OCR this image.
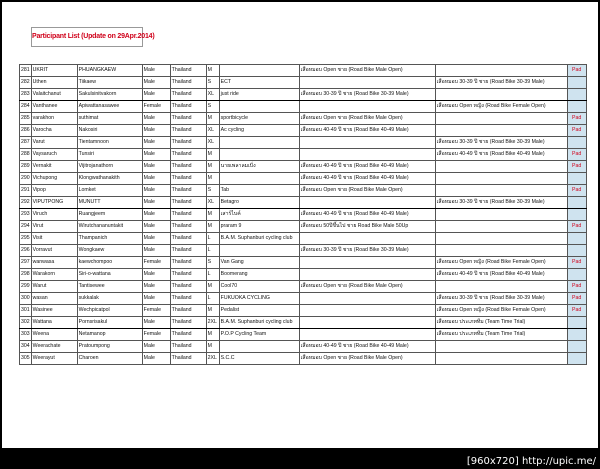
Participant List (Update on 29Apr.2014)
281	UKRIT	PHUANGKAEW	Male	Thailand	M		เสือหมอบ Open ชาย (Road Bike Male Open)		Pad
282	Uthen	Tiikaew	Male	Thailand	S	ECT		เสือหมอบ 30-39 ปี ชาย (Road Bike 30-39 Male)	
283	Valaitchanut	Sakulsinitvakorn	Male	Thailand	XL	just ride	เสือหมอบ 30-39 ปี ชาย (Road Bike 30-39 Male)		
284	Vanthanee	Apiwattanasawee	Female	Thailand	S			เสือหมอบ Open หญิง (Road Bike Female Open)	
285	varakhon	suthimat	Male	Thailand	M	sportbicycle	เสือหมอบ Open ชาย (Road Bike Male Open)		Pad
286	Varocha	Nakosiri	Male	Thailand	XL	Ac cycling	เสือหมอบ 40-49 ปี ชาย (Road Bike 40-49 Male)		Pad
287	Varut	Tientamnoon	Male	Thailand	XL			เสือหมอบ 30-39 ปี ชาย (Road Bike 30-39 Male)	
288	Vaysaruch	Tunsiri	Male	Thailand	M			เสือหมอบ 40-49 ปี ชาย (Road Bike 40-49 Male)	Pad
289	Vernakit	Vijitrojanathorn	Male	Thailand	M	นายเพลาลมเบิ่ง	เสือหมอบ 40-49 ปี ชาย (Road Bike 40-49 Male)		Pad
290	Vichupong	Klongwathanakith	Male	Thailand	M		เสือหมอบ 40-49 ปี ชาย (Road Bike 40-49 Male)		
291	Vipop	Lomket	Male	Thailand	S	Tab	เสือหมอบ Open ชาย (Road Bike Male Open)		Pad
292	VIPUTPONG	MUNUTT	Male	Thailand	XL	Betagro		เสือหมอบ 30-39 ปี ชาย (Road Bike 30-39 Male)	
293	Viruch	Ruangjeem	Male	Thailand	M	เสาร์ไบค์	เสือหมอบ 40-49 ปี ชาย (Road Bike 40-49 Male)		
294	Virut	Wirutchananuntakit	Male	Thailand	M	praram 9	เสือหมอบ 50ปีขึ้นไป ชาย Road Bike Male 50Up		Pad
295	Visit	Thampanich	Male	Thailand	L	B.A.M. Suphanburi cycling club			
296	Vorravut	Wongkaew	Male	Thailand	L		เสือหมอบ 30-39 ปี ชาย (Road Bike 30-39 Male)		
297	wanwasa	kaewchompoo	Female	Thailand	S	Van Gang		เสือหมอบ Open หญิง (Road Bike Female Open)	Pad
298	Warakorn	Siri-o-wattana	Male	Thailand	L	Boomerang		เสือหมอบ 40-49 ปี ชาย (Road Bike 40-49 Male)	
299	Warut	Tantisewee	Male	Thailand	M	Cool70	เสือหมอบ Open ชาย (Road Bike Male Open)		Pad
300	wasan	sukkalak	Male	Thailand	L	FUKUOKA CYCLING		เสือหมอบ 30-39 ปี ชาย (Road Bike 30-39 Male)	Pad
301	Wasinee	Wechpicatpol	Female	Thailand	M	Pedalist		เสือหมอบ Open หญิง (Road Bike Female Open)	Pad
302	Wattana	Pornsrisakul	Male	Thailand	2XL	B.A.M. Suphanburi cycling club		เสือหมอบ ประเภททีม (Team Time Trial)	
303	Weena	Netamanop	Female	Thailand	M	P.O.P Cycling Team		เสือหมอบ ประเภททีม (Team Time Trial)	
304	Weerachate	Pratoumpong	Male	Thailand	M		เสือหมอบ 40-49 ปี ชาย (Road Bike 40-49 Male)		
305	Weerayut	Charoen	Male	Thailand	2XL	S.C.C	เสือหมอบ Open ชาย (Road Bike Male Open)		
[960x720] http://upic.me/
